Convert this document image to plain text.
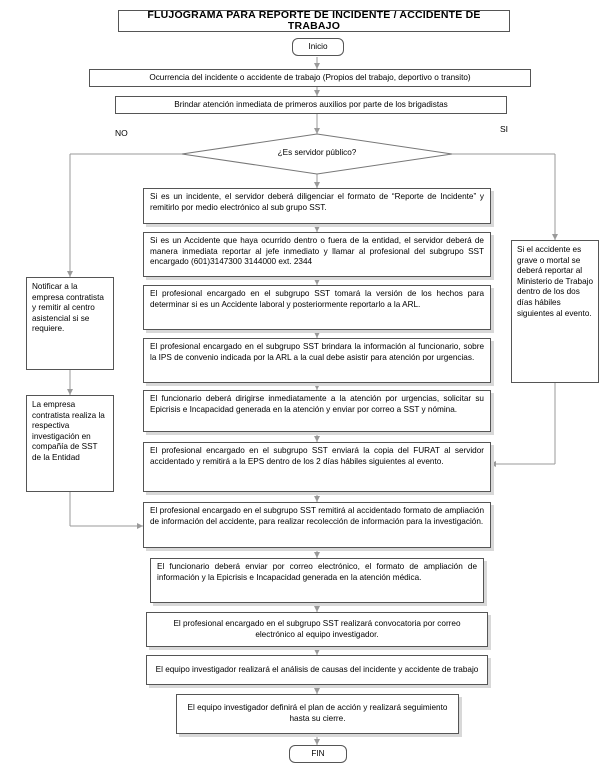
FLUJOGRAMA PARA REPORTE DE INCIDENTE / ACCIDENTE DE TRABAJO
Inicio
Ocurrencia del incidente o accidente de trabajo (Propios del trabajo, deportivo o transito)
Brindar atención inmediata de primeros auxilios por parte de los brigadistas
NO	SI
¿Es servidor público?
Si es un incidente, el servidor deberá diligenciar el formato de “Reporte de Incidente” y remitirlo por medio electrónico al sub grupo SST.
Si es un Accidente que haya ocurrido dentro o fuera de la entidad, el servidor deberá de manera inmediata reportar al jefe inmediato y llamar al profesional del subgrupo SST encargado (601)3147300 3144000 ext. 2344
El profesional encargado en el subgrupo SST tomará la versión de los hechos para determinar si es un Accidente laboral y posteriormente reportarlo a la ARL.
El profesional encargado en el subgrupo SST brindara la información al funcionario, sobre la IPS de convenio indicada por la ARL a la cual debe asistir para atención por urgencias.
El funcionario deberá dirigirse inmediatamente a la atención por urgencias, solicitar su Epicrisis e Incapacidad generada en la atención y enviar por correo a SST y nómina.
El profesional encargado en el subgrupo SST enviará la copia del FURAT al servidor accidentado y remitirá a la EPS dentro de los 2 días hábiles siguientes al evento.
El profesional encargado en el subgrupo SST remitirá al accidentado formato de ampliación de información del accidente, para realizar recolección de información para la investigación.
El funcionario deberá enviar por correo electrónico, el formato de ampliación de información y la Epicrisis e Incapacidad generada en la atención médica.
El profesional encargado en el subgrupo SST realizará convocatoria por correo electrónico al equipo investigador.
El equipo investigador realizará el análisis de causas del incidente y accidente de trabajo
El equipo investigador definirá el plan de acción y realizará seguimiento hasta su cierre.
FIN
Notificar a la empresa contratista y remitir al centro asistencial si se requiere.
La empresa contratista realiza la respectiva investigación en compañía de SST de la Entidad
Si el accidente es grave o mortal se deberá reportar al Ministerio de Trabajo dentro de los dos días hábiles siguientes al evento.
